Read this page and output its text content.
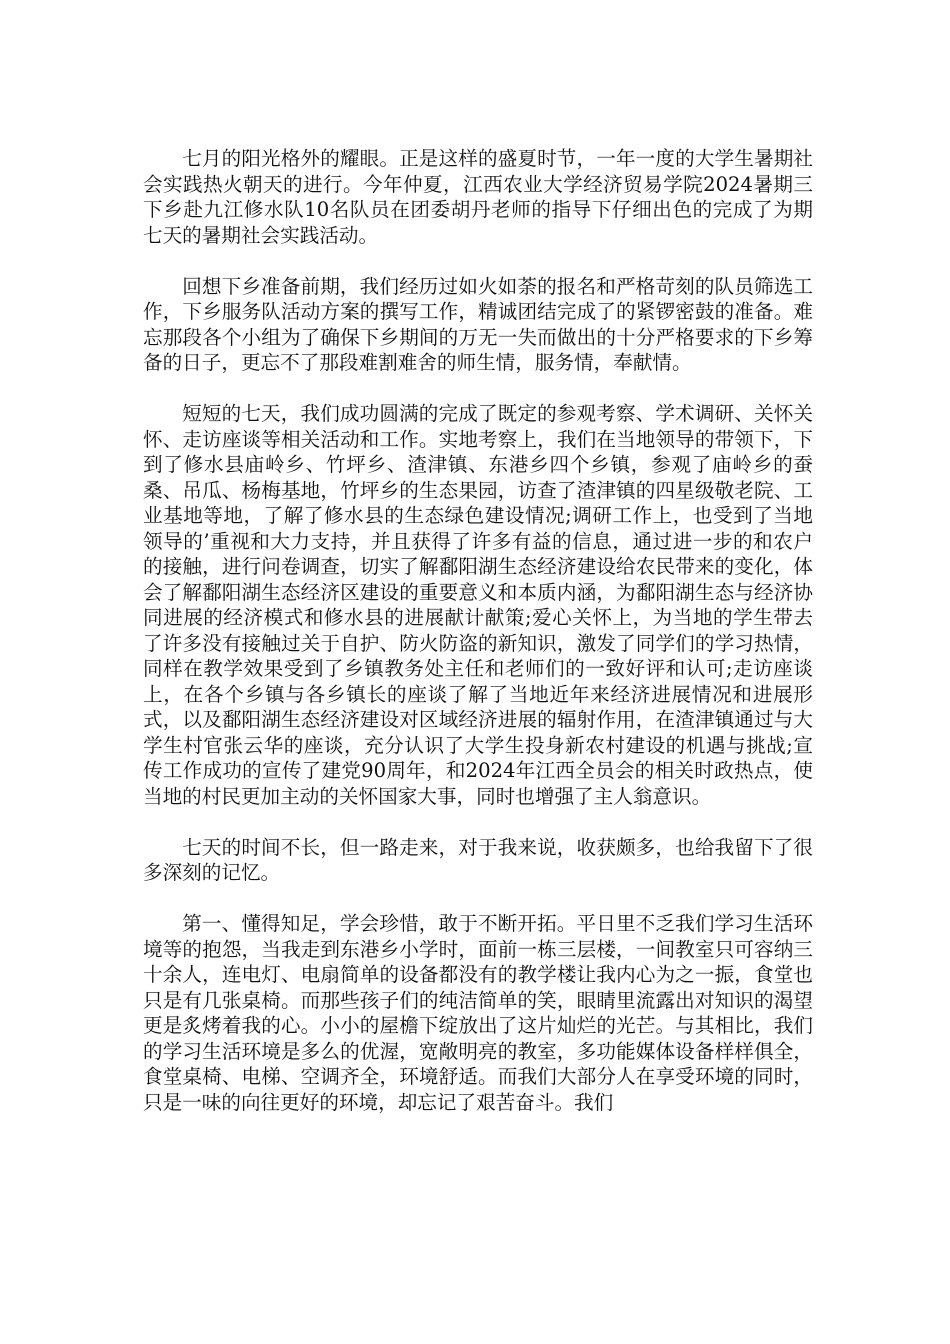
七月的阳光格外的耀眼。正是这样的盛夏时节，一年一度的大学生暑期社会实践热火朝天的进行。今年仲夏，江西农业大学经济贸易学院2024暑期三下乡赴九江修水队10名队员在团委胡丹老师的指导下仔细出色的完成了为期七天的暑期社会实践活动。

回想下乡准备前期，我们经历过如火如荼的报名和严格苛刻的队员筛选工作，下乡服务队活动方案的撰写工作，精诚团结完成了的紧锣密鼓的准备。难忘那段各个小组为了确保下乡期间的万无一失而做出的十分严格要求的下乡筹备的日子，更忘不了那段难割难舍的师生情，服务情，奉献情。

短短的七天，我们成功圆满的完成了既定的参观考察、学术调研、关怀关怀、走访座谈等相关活动和工作。实地考察上，我们在当地领导的带领下，下到了修水县庙岭乡、竹坪乡、渣津镇、东港乡四个乡镇，参观了庙岭乡的蚕桑、吊瓜、杨梅基地，竹坪乡的生态果园，访查了渣津镇的四星级敬老院、工业基地等地，了解了修水县的生态绿色建设情况;调研工作上，也受到了当地领导的’重视和大力支持，并且获得了许多有益的信息，通过进一步的和农户的接触，进行问卷调查，切实了解鄱阳湖生态经济建设给农民带来的变化，体会了解鄱阳湖生态经济区建设的重要意义和本质内涵，为鄱阳湖生态与经济协同进展的经济模式和修水县的进展献计献策;爱心关怀上，为当地的学生带去了许多没有接触过关于自护、防火防盗的新知识，激发了同学们的学习热情，同样在教学效果受到了乡镇教务处主任和老师们的一致好评和认可;走访座谈上，在各个乡镇与各乡镇长的座谈了解了当地近年来经济进展情况和进展形式，以及鄱阳湖生态经济建设对区域经济进展的辐射作用，在渣津镇通过与大学生村官张云华的座谈，充分认识了大学生投身新农村建设的机遇与挑战;宣传工作成功的宣传了建党90周年，和2024年江西全员会的相关时政热点，使当地的村民更加主动的关怀国家大事，同时也增强了主人翁意识。

七天的时间不长，但一路走来，对于我来说，收获颇多，也给我留下了很多深刻的记忆。

第一、懂得知足，学会珍惜，敢于不断开拓。平日里不乏我们学习生活环境等的抱怨，当我走到东港乡小学时，面前一栋三层楼，一间教室只可容纳三十余人，连电灯、电扇简单的设备都没有的教学楼让我内心为之一振，食堂也只是有几张桌椅。而那些孩子们的纯洁简单的笑，眼睛里流露出对知识的渴望更是炙烤着我的心。小小的屋檐下绽放出了这片灿烂的光芒。与其相比，我们的学习生活环境是多么的优渥，宽敞明亮的教室，多功能媒体设备样样俱全，食堂桌椅、电梯、空调齐全，环境舒适。而我们大部分人在享受环境的同时，只是一味的向往更好的环境，却忘记了艰苦奋斗。我们
